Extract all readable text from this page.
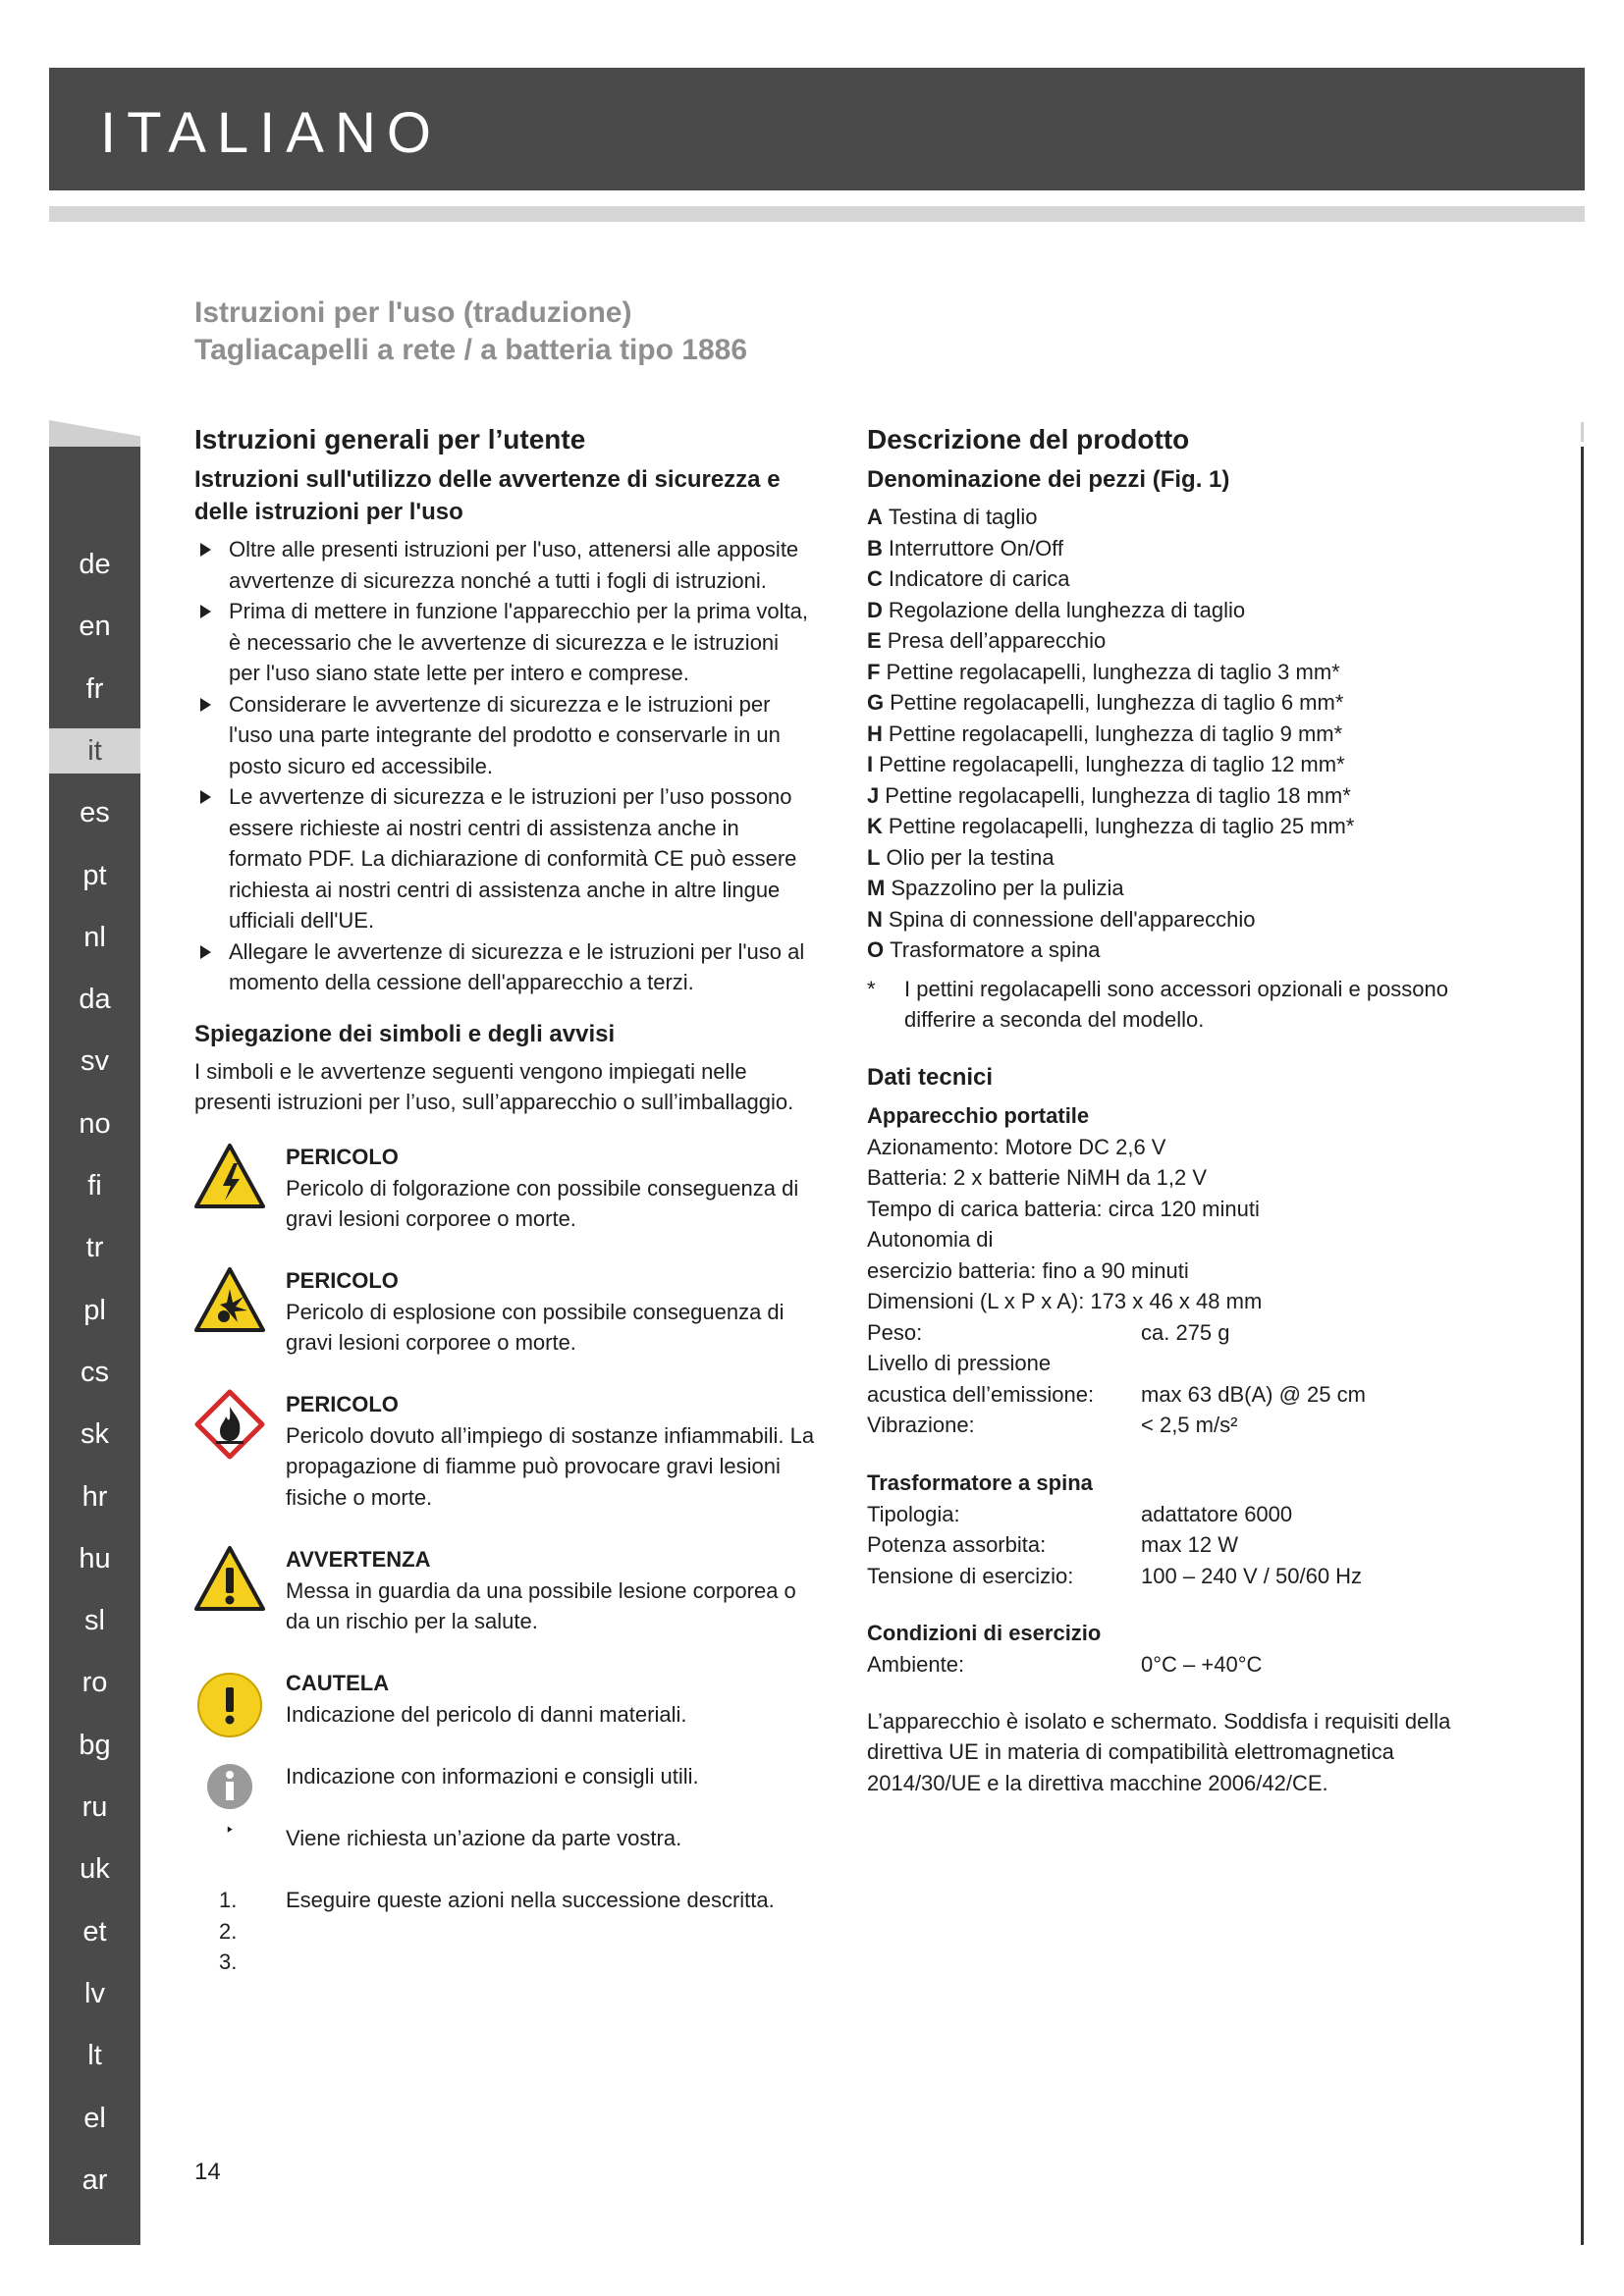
ITALIANO
Istruzioni per l'uso (traduzione)
Tagliacapelli a rete / a batteria tipo 1886
de
en
fr
it
es
pt
nl
da
sv
no
fi
tr
pl
cs
sk
hr
hu
sl
ro
bg
ru
uk
et
lv
lt
el
ar
Istruzioni generali per l’utente
Istruzioni sull'utilizzo delle avvertenze di sicurezza e delle istruzioni per l'uso
Oltre alle presenti istruzioni per l'uso, attenersi alle apposite avvertenze di sicurezza nonché a tutti i fogli di istruzioni.
Prima di mettere in funzione l'apparecchio per la prima volta, è necessario che le avvertenze di sicurezza e le istruzioni per l'uso siano state lette per intero e comprese.
Considerare le avvertenze di sicurezza e le istruzioni per l'uso una parte integrante del prodotto e conservarle in un posto sicuro ed accessibile.
Le avvertenze di sicurezza e le istruzioni per l’uso possono essere richieste ai nostri centri di assistenza anche in formato PDF. La dichiarazione di conformità CE può essere richiesta ai nostri centri di assistenza anche in altre lingue ufficiali dell'UE.
Allegare le avvertenze di sicurezza e le istruzioni per l'uso al momento della cessione dell'apparecchio a terzi.
Spiegazione dei simboli e degli avvisi
I simboli e le avvertenze seguenti vengono impiegati nelle presenti istruzioni per l’uso, sull’apparecchio o sull’imballaggio.
PERICOLO
Pericolo di folgorazione con possibile conseguenza di gravi lesioni corporee o morte.
PERICOLO
Pericolo di esplosione con possibile conseguenza di gravi lesioni corporee o morte.
PERICOLO
Pericolo dovuto all’impiego di sostanze infiammabili. La propagazione di fiamme può provocare gravi lesioni fisiche o morte.
AVVERTENZA
Messa in guardia da una possibile lesione corporea o da un rischio per la salute.
CAUTELA
Indicazione del pericolo di danni materiali.
Indicazione con informazioni e consigli utili.
Viene richiesta un’azione da parte vostra.
1.
2.
3.
Eseguire queste azioni nella successione descritta.
Descrizione del prodotto
Denominazione dei pezzi (Fig. 1)
A Testina di taglio
B Interruttore On/Off
C Indicatore di carica
D Regolazione della lunghezza di taglio
E Presa dell’apparecchio
F Pettine regolacapelli, lunghezza di taglio 3 mm*
G Pettine regolacapelli, lunghezza di taglio 6 mm*
H Pettine regolacapelli, lunghezza di taglio 9 mm*
I Pettine regolacapelli, lunghezza di taglio 12 mm*
J Pettine regolacapelli, lunghezza di taglio 18 mm*
K Pettine regolacapelli, lunghezza di taglio 25 mm*
L Olio per la testina
M Spazzolino per la pulizia
N Spina di connessione dell'apparecchio
O Trasformatore a spina
* I pettini regolacapelli sono accessori opzionali e possono differire a seconda del modello.
Dati tecnici
Apparecchio portatile
Azionamento: Motore DC 2,6 V
Batteria: 2 x batterie NiMH da 1,2 V
Tempo di carica batteria: circa 120 minuti
Autonomia di
esercizio batteria: fino a 90 minuti
Dimensioni (L x P x A): 173 x 46 x 48 mm
Peso:	ca. 275 g
Livello di pressione
acustica dell’emissione:	max 63 dB(A) @ 25 cm
Vibrazione:	< 2,5 m/s²
Trasformatore a spina
Tipologia:	adattatore 6000
Potenza assorbita:	max 12 W
Tensione di esercizio:	100 – 240 V / 50/60 Hz
Condizioni di esercizio
Ambiente:	0°C – +40°C
L’apparecchio è isolato e schermato. Soddisfa i requisiti della direttiva UE in materia di compatibilità elettromagnetica 2014/30/UE e la direttiva macchine 2006/42/CE.
14
